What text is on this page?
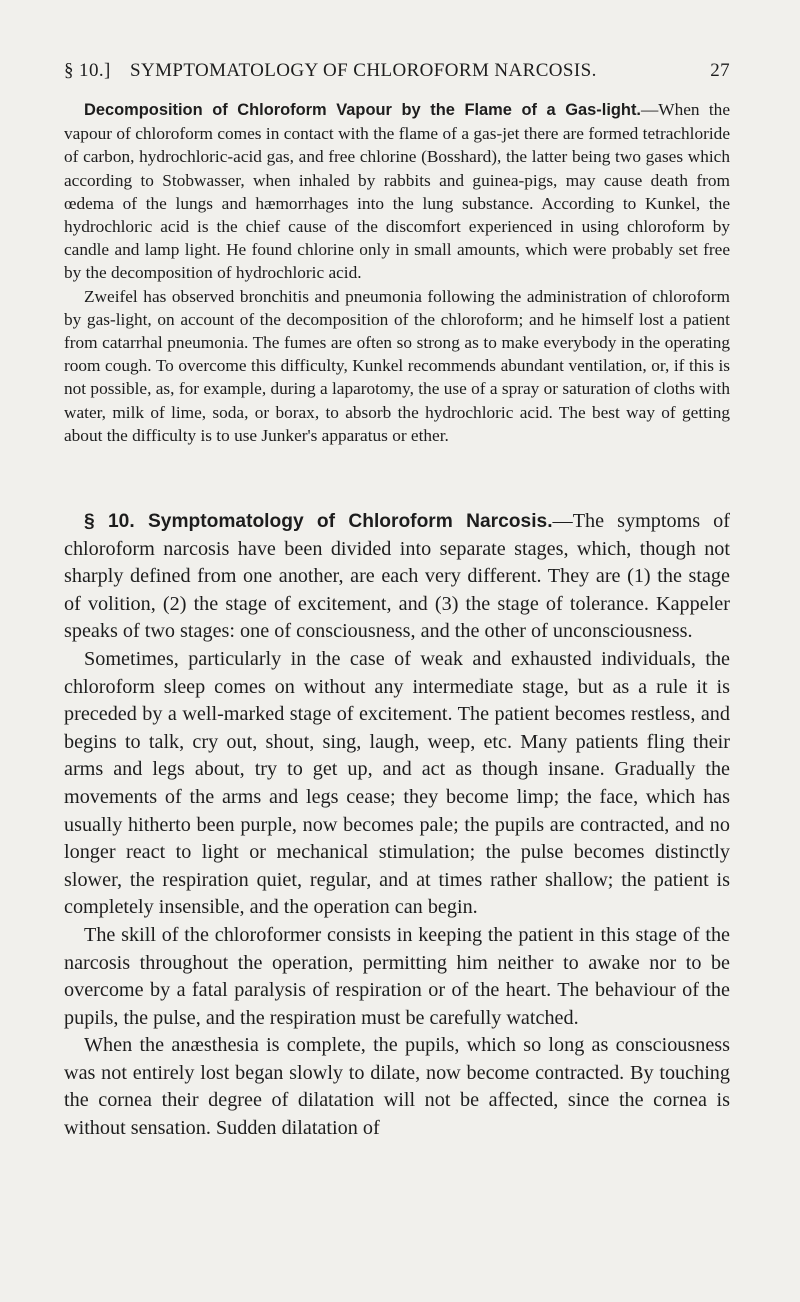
§ 10.] SYMPTOMATOLOGY OF CHLOROFORM NARCOSIS.	27

Decomposition of Chloroform Vapour by the Flame of a Gas-light.—When the vapour of chloroform comes in contact with the flame of a gas-jet there are formed tetrachloride of carbon, hydrochloric-acid gas, and free chlorine (Bosshard), the latter being two gases which according to Stobwasser, when inhaled by rabbits and guinea-pigs, may cause death from œdema of the lungs and hæmorrhages into the lung substance. According to Kunkel, the hydrochloric acid is the chief cause of the discomfort experienced in using chloroform by candle and lamp light. He found chlorine only in small amounts, which were probably set free by the decomposition of hydrochloric acid.

Zweifel has observed bronchitis and pneumonia following the administration of chloroform by gas-light, on account of the decomposition of the chloroform; and he himself lost a patient from catarrhal pneumonia. The fumes are often so strong as to make everybody in the operating room cough. To overcome this difficulty, Kunkel recommends abundant ventilation, or, if this is not possible, as, for example, during a laparotomy, the use of a spray or saturation of cloths with water, milk of lime, soda, or borax, to absorb the hydrochloric acid. The best way of getting about the difficulty is to use Junker's apparatus or ether.

§ 10. Symptomatology of Chloroform Narcosis.—The symptoms of chloroform narcosis have been divided into separate stages, which, though not sharply defined from one another, are each very different. They are (1) the stage of volition, (2) the stage of excitement, and (3) the stage of tolerance. Kappeler speaks of two stages: one of consciousness, and the other of unconsciousness.

Sometimes, particularly in the case of weak and exhausted individuals, the chloroform sleep comes on without any intermediate stage, but as a rule it is preceded by a well-marked stage of excitement. The patient becomes restless, and begins to talk, cry out, shout, sing, laugh, weep, etc. Many patients fling their arms and legs about, try to get up, and act as though insane. Gradually the movements of the arms and legs cease; they become limp; the face, which has usually hitherto been purple, now becomes pale; the pupils are contracted, and no longer react to light or mechanical stimulation; the pulse becomes distinctly slower, the respiration quiet, regular, and at times rather shallow; the patient is completely insensible, and the operation can begin.

The skill of the chloroformer consists in keeping the patient in this stage of the narcosis throughout the operation, permitting him neither to awake nor to be overcome by a fatal paralysis of respiration or of the heart. The behaviour of the pupils, the pulse, and the respiration must be carefully watched.

When the anæsthesia is complete, the pupils, which so long as consciousness was not entirely lost began slowly to dilate, now become contracted. By touching the cornea their degree of dilatation will not be affected, since the cornea is without sensation. Sudden dilatation of
